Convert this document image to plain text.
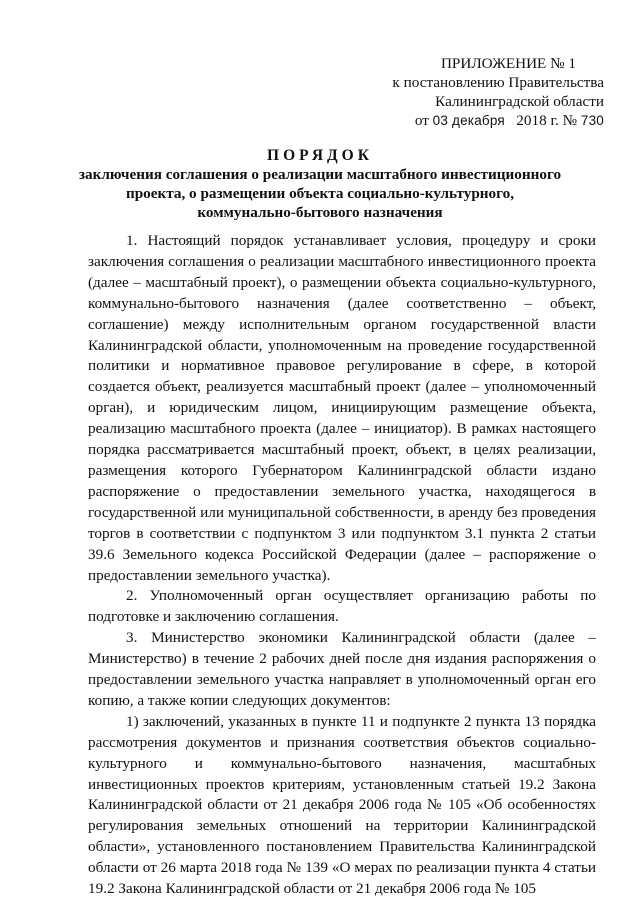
ПРИЛОЖЕНИЕ № 1
к постановлению Правительства
Калининградской области
от 03 декабря 2018 г. № 730
ПОРЯДОК
заключения соглашения о реализации масштабного инвестиционного
проекта, о размещении объекта социально-культурного,
коммунально-бытового назначения

1. Настоящий порядок устанавливает условия, процедуру и сроки заключения соглашения о реализации масштабного инвестиционного проекта (далее – масштабный проект), о размещении объекта социально-культурного, коммунально-бытового назначения (далее соответственно – объект, соглашение) между исполнительным органом государственной власти Калининградской области, уполномоченным на проведение государственной политики и нормативное правовое регулирование в сфере, в которой создается объект, реализуется масштабный проект (далее – уполномоченный орган), и юридическим лицом, инициирующим размещение объекта, реализацию масштабного проекта (далее – инициатор). В рамках настоящего порядка рассматривается масштабный проект, объект, в целях реализации, размещения которого Губернатором Калининградской области издано распоряжение о предоставлении земельного участка, находящегося в государственной или муниципальной собственности, в аренду без проведения торгов в соответствии с подпунктом 3 или подпунктом 3.1 пункта 2 статьи 39.6 Земельного кодекса Российской Федерации (далее – распоряжение о предоставлении земельного участка).

2. Уполномоченный орган осуществляет организацию работы по подготовке и заключению соглашения.

3. Министерство экономики Калининградской области (далее – Министерство) в течение 2 рабочих дней после дня издания распоряжения о предоставлении земельного участка направляет в уполномоченный орган его копию, а также копии следующих документов:

1) заключений, указанных в пункте 11 и подпункте 2 пункта 13 порядка рассмотрения документов и признания соответствия объектов социально-культурного и коммунально-бытового назначения, масштабных инвестиционных проектов критериям, установленным статьей 19.2 Закона Калининградской области от 21 декабря 2006 года № 105 «Об особенностях регулирования земельных отношений на территории Калининградской области», установленного постановлением Правительства Калининградской области от 26 марта 2018 года № 139 «О мерах по реализации пункта 4 статьи 19.2 Закона Калининградской области от 21 декабря 2006 года № 105
